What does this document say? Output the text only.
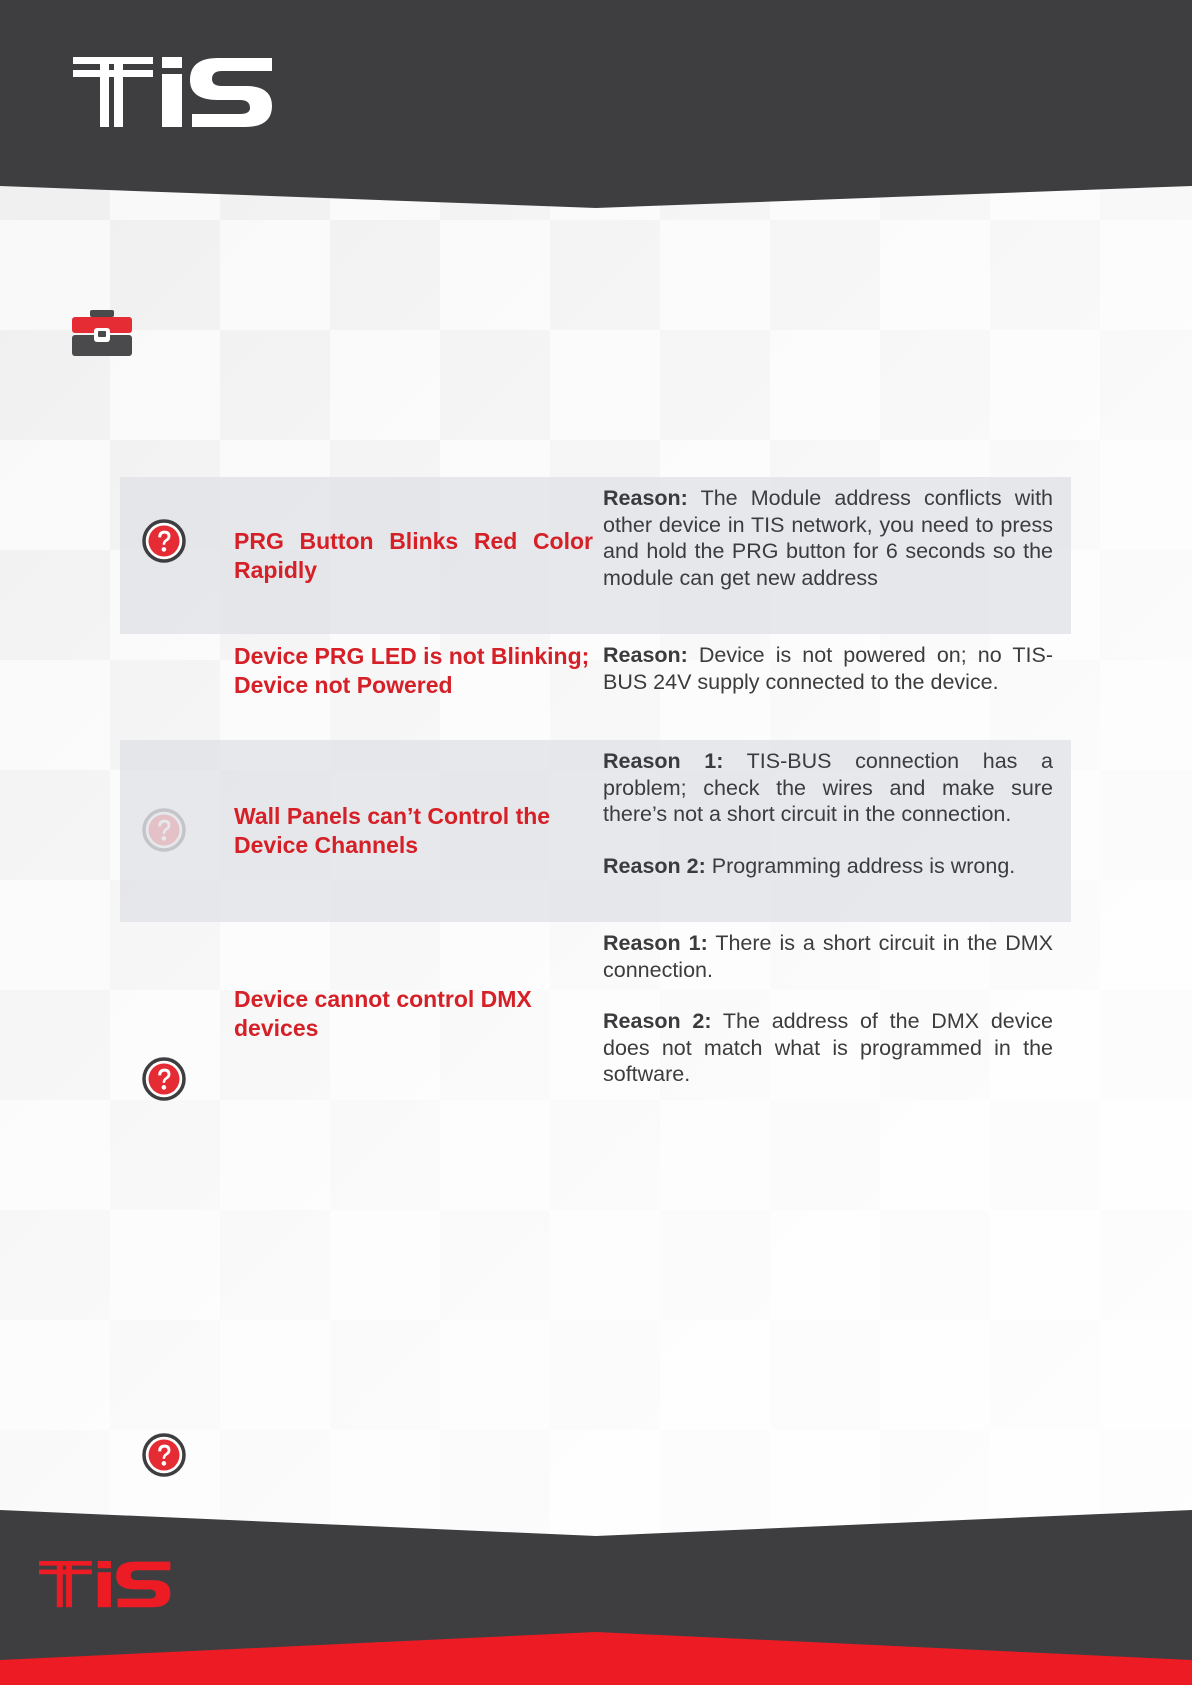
PRG Button Blinks Red Color Rapidly

Reason: The Module address conflicts with other device in TIS network, you need to press and hold the PRG button for 6 seconds so the module can get new address

Device PRG LED is not Blinking; Device not Powered

Reason: Device is not powered on; no TIS-BUS 24V supply connected to the device.

Wall Panels can’t Control the Device Channels

Reason 1: TIS-BUS connection has a problem; check the wires and make sure there’s not a short circuit in the connection.

Reason 2: Programming address is wrong.

Device cannot control DMX devices

Reason 1: There is a short circuit in the DMX connection.

Reason 2: The address of the DMX device does not match what is programmed in the software.
